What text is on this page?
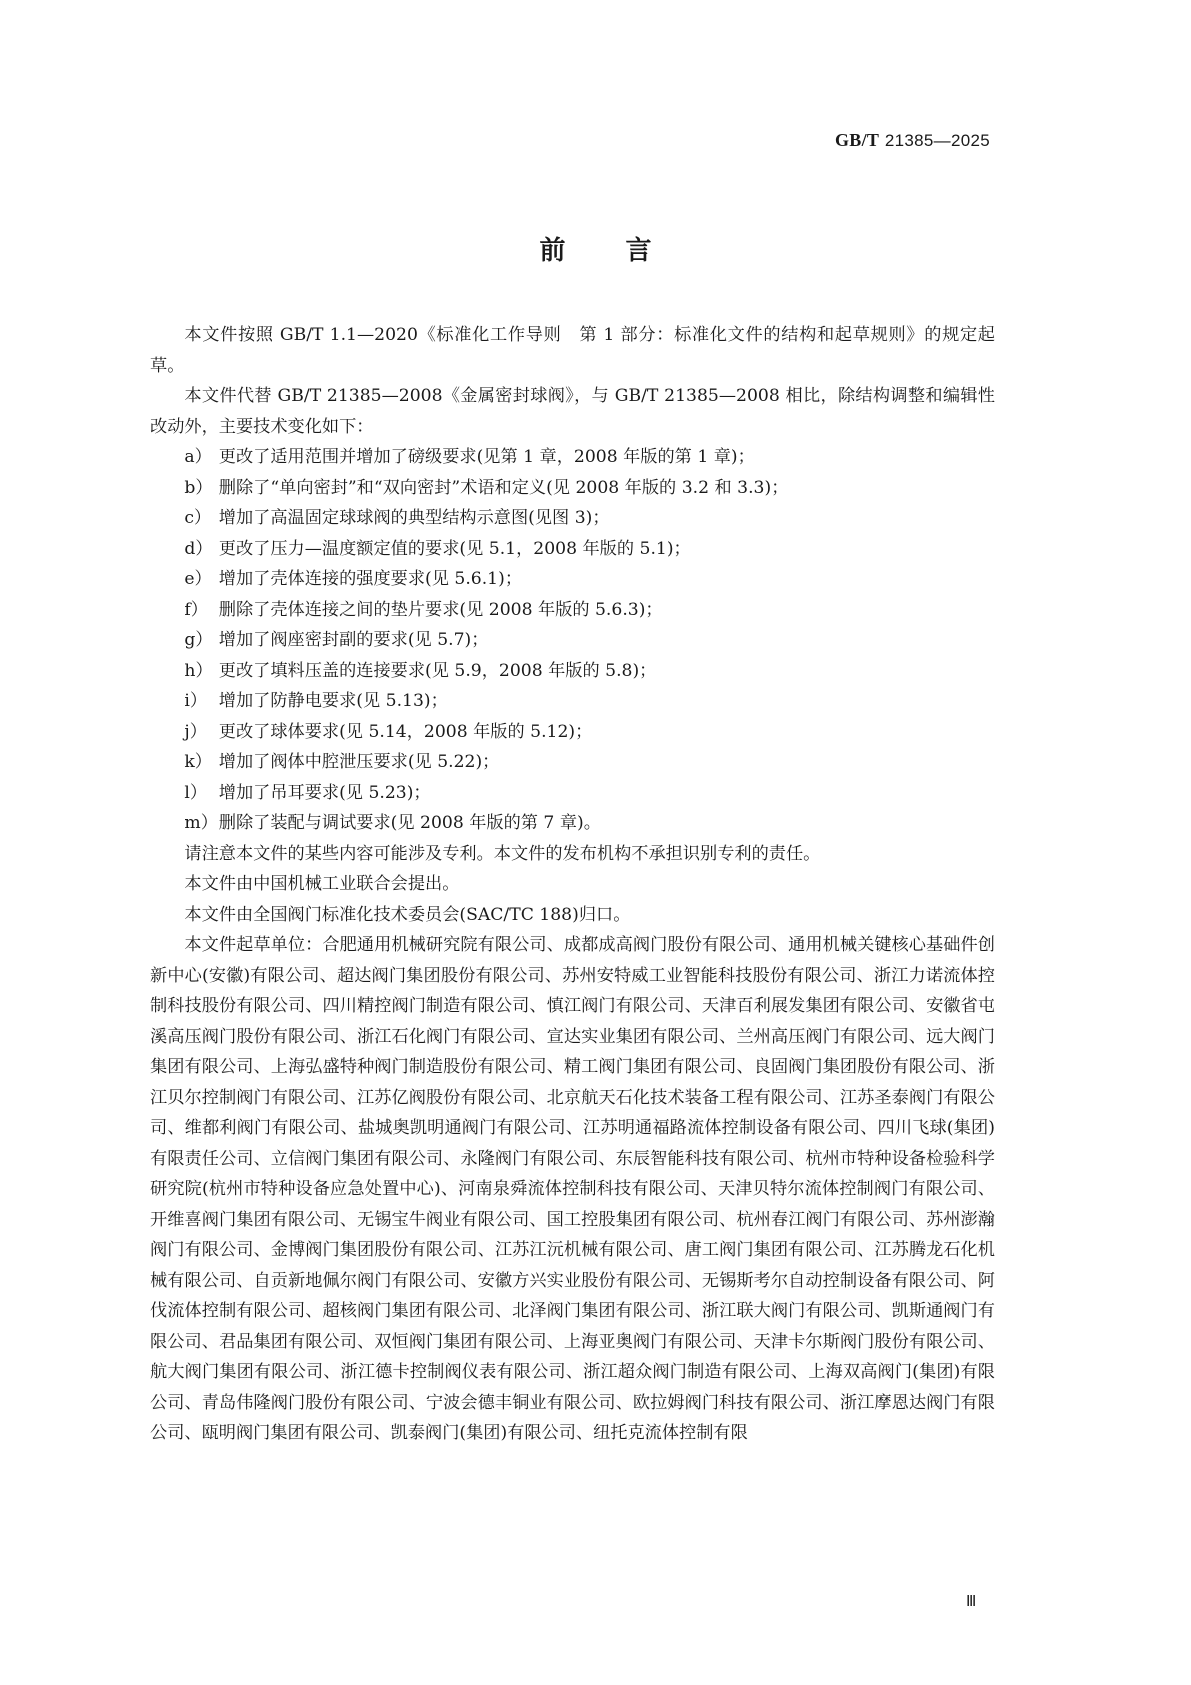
GB/T 21385—2025
前言

本文件按照 GB/T 1.1—2020《标准化工作导则　第 1 部分：标准化文件的结构和起草规则》的规定起草。

本文件代替 GB/T 21385—2008《金属密封球阀》，与 GB/T 21385—2008 相比，除结构调整和编辑性改动外，主要技术变化如下：

a） 更改了适用范围并增加了磅级要求(见第 1 章，2008 年版的第 1 章)；
b） 删除了“单向密封”和“双向密封”术语和定义(见 2008 年版的 3.2 和 3.3)；
c） 增加了高温固定球球阀的典型结构示意图(见图 3)；
d） 更改了压力—温度额定值的要求(见 5.1，2008 年版的 5.1)；
e） 增加了壳体连接的强度要求(见 5.6.1)；
f） 删除了壳体连接之间的垫片要求(见 2008 年版的 5.6.3)；
g） 增加了阀座密封副的要求(见 5.7)；
h） 更改了填料压盖的连接要求(见 5.9，2008 年版的 5.8)；
i） 增加了防静电要求(见 5.13)；
j） 更改了球体要求(见 5.14，2008 年版的 5.12)；
k） 增加了阀体中腔泄压要求(见 5.22)；
l） 增加了吊耳要求(见 5.23)；
m） 删除了装配与调试要求(见 2008 年版的第 7 章)。

请注意本文件的某些内容可能涉及专利。本文件的发布机构不承担识别专利的责任。

本文件由中国机械工业联合会提出。

本文件由全国阀门标准化技术委员会(SAC/TC 188)归口。

本文件起草单位：合肥通用机械研究院有限公司、成都成高阀门股份有限公司、通用机械关键核心基础件创新中心(安徽)有限公司、超达阀门集团股份有限公司、苏州安特威工业智能科技股份有限公司、浙江力诺流体控制科技股份有限公司、四川精控阀门制造有限公司、慎江阀门有限公司、天津百利展发集团有限公司、安徽省屯溪高压阀门股份有限公司、浙江石化阀门有限公司、宣达实业集团有限公司、兰州高压阀门有限公司、远大阀门集团有限公司、上海弘盛特种阀门制造股份有限公司、精工阀门集团有限公司、良固阀门集团股份有限公司、浙江贝尔控制阀门有限公司、江苏亿阀股份有限公司、北京航天石化技术装备工程有限公司、江苏圣泰阀门有限公司、维都利阀门有限公司、盐城奥凯明通阀门有限公司、江苏明通福路流体控制设备有限公司、四川飞球(集团)有限责任公司、立信阀门集团有限公司、永隆阀门有限公司、东辰智能科技有限公司、杭州市特种设备检验科学研究院(杭州市特种设备应急处置中心)、河南泉舜流体控制科技有限公司、天津贝特尔流体控制阀门有限公司、开维喜阀门集团有限公司、无锡宝牛阀业有限公司、国工控股集团有限公司、杭州春江阀门有限公司、苏州澎瀚阀门有限公司、金博阀门集团股份有限公司、江苏江沅机械有限公司、唐工阀门集团有限公司、江苏腾龙石化机械有限公司、自贡新地佩尔阀门有限公司、安徽方兴实业股份有限公司、无锡斯考尔自动控制设备有限公司、阿伐流体控制有限公司、超核阀门集团有限公司、北泽阀门集团有限公司、浙江联大阀门有限公司、凯斯通阀门有限公司、君品集团有限公司、双恒阀门集团有限公司、上海亚奥阀门有限公司、天津卡尔斯阀门股份有限公司、航大阀门集团有限公司、浙江德卡控制阀仪表有限公司、浙江超众阀门制造有限公司、上海双高阀门(集团)有限公司、青岛伟隆阀门股份有限公司、宁波会德丰铜业有限公司、欧拉姆阀门科技有限公司、浙江摩恩达阀门有限公司、瓯明阀门集团有限公司、凯泰阀门(集团)有限公司、纽托克流体控制有限

Ⅲ
